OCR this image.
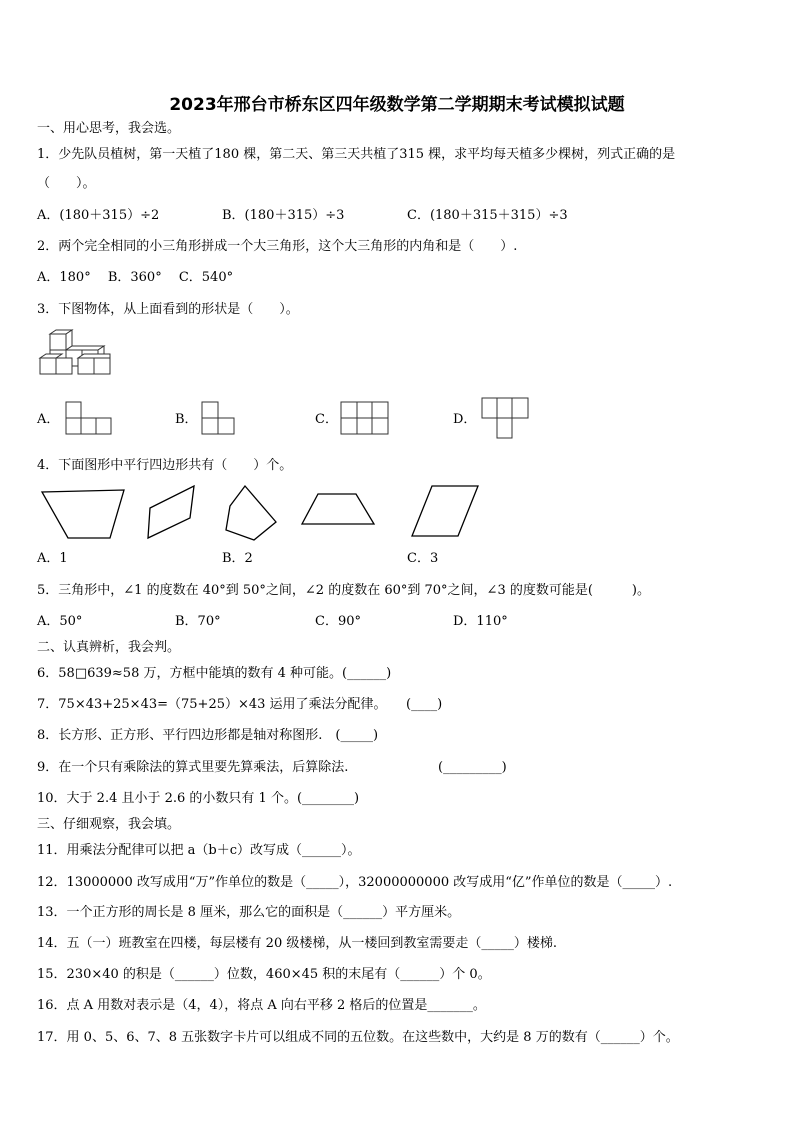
2023年邢台市桥东区四年级数学第二学期期末考试模拟试题
一、用心思考，我会选。
1．少先队员植树，第一天植了180 棵，第二天、第三天共植了315 棵，求平均每天植多少棵树，列式正确的是
（　　）。
A．(180＋315）÷2	B．(180＋315）÷3	C．(180＋315＋315）÷3
2．两个完全相同的小三角形拼成一个大三角形，这个大三角形的内角和是（　　）.
A．180°　 B．360°　 C．540°
3．下图物体，从上面看到的形状是（　　）。
A．	B．	C．	D．
4．下面图形中平行四边形共有（　　）个。
A．1	B．2	C．3
5．三角形中，∠1 的度数在 40°到 50°之间，∠2 的度数在 60°到 70°之间，∠3 的度数可能是(　　　)。
A．50°	B．70°	C．90°	D．110°
二、认真辨析，我会判。
6．58□639≈58 万，方框中能填的数有 4 种可能。(______)
7．75×43+25×43=（75+25）×43 运用了乘法分配律。　　(____)
8．长方形、正方形、平行四边形都是轴对称图形.　(_____)
9．在一个只有乘除法的算式里要先算乘法，后算除法.	(_________)
10．大于 2.4 且小于 2.6 的小数只有 1 个。(________)
三、仔细观察，我会填。
11．用乘法分配律可以把 a（b＋c）改写成（______）。
12．13000000 改写成用“万”作单位的数是（_____），32000000000 改写成用“亿”作单位的数是（_____）.
13．一个正方形的周长是 8 厘米，那么它的面积是（______）平方厘米。
14．五（一）班教室在四楼，每层楼有 20 级楼梯，从一楼回到教室需要走（_____）楼梯.
15．230×40 的积是（______）位数，460×45 积的末尾有（______）个 0。
16．点 A 用数对表示是（4，4），将点 A 向右平移 2 格后的位置是_______。
17．用 0、5、6、7、8 五张数字卡片可以组成不同的五位数。在这些数中，大约是 8 万的数有（______）个。
